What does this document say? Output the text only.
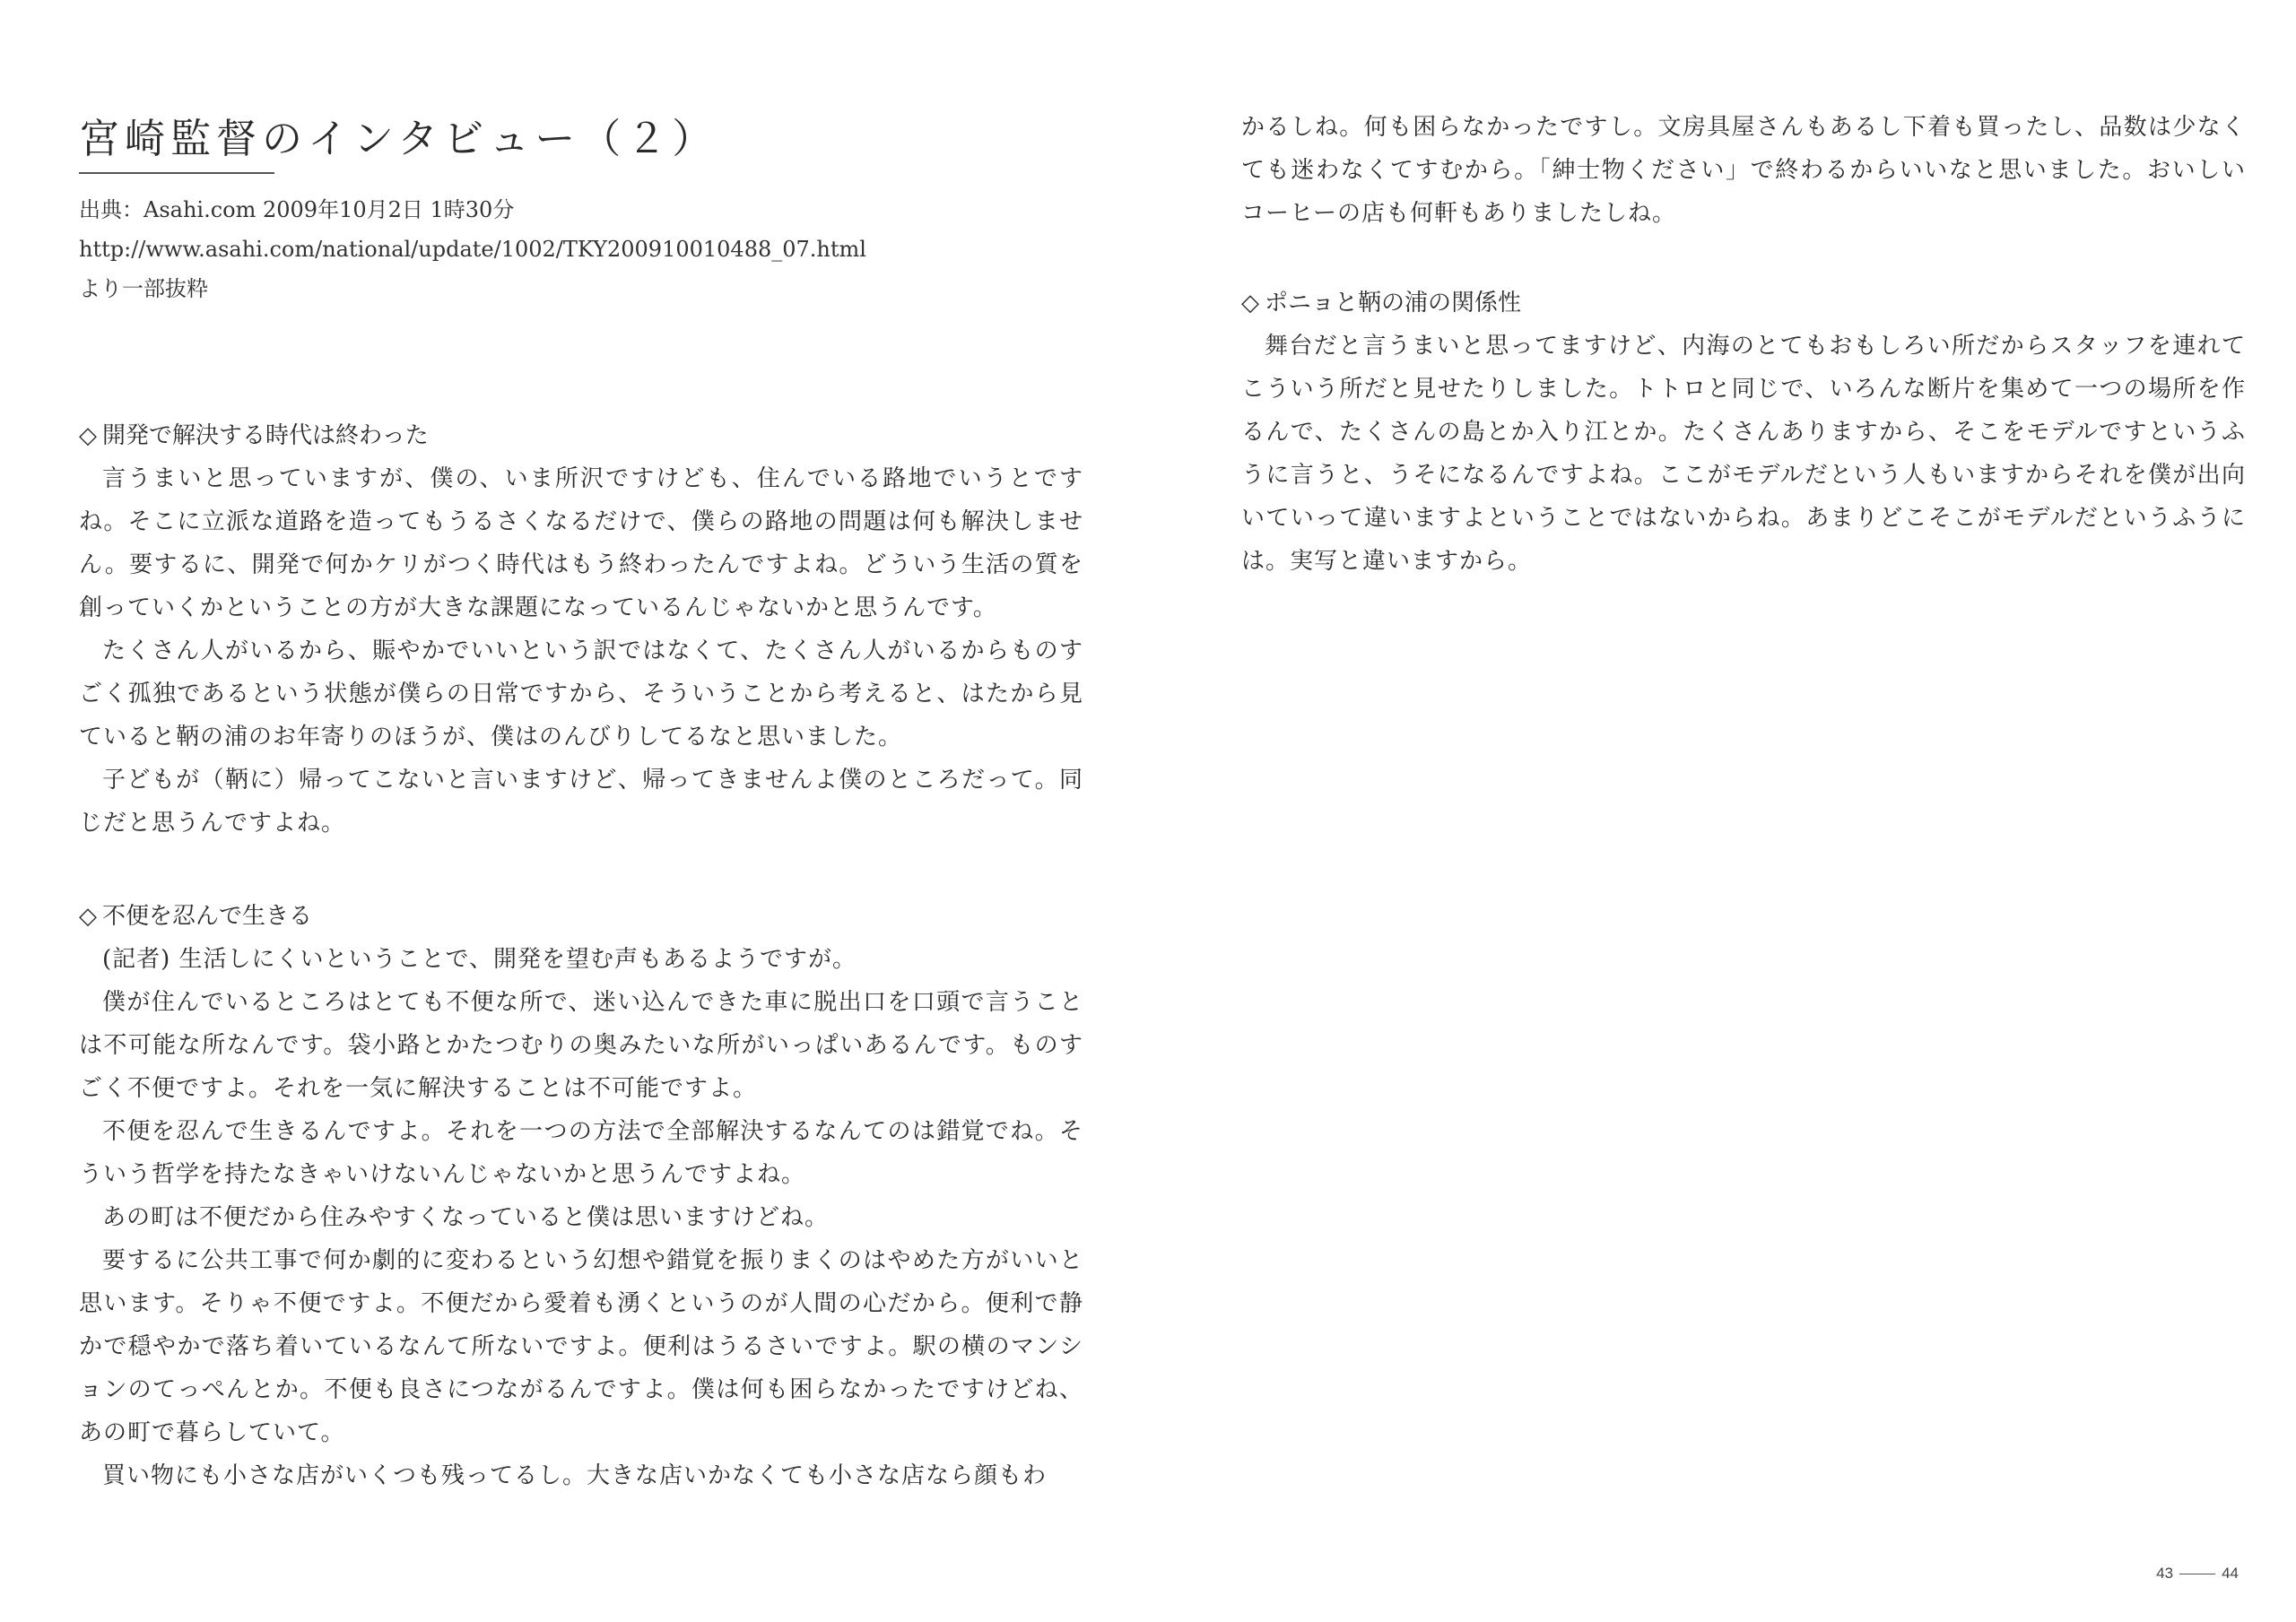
宮崎監督のインタビュー（２）
出典：Asahi.com 2009年10月2日 1時30分
http://www.asahi.com/national/update/1002/TKY200910010488_07.html
より一部抜粋
◇ 開発で解決する時代は終わった

言うまいと思っていますが、僕の、いま所沢ですけども、住んでいる路地でいうとですね。そこに立派な道路を造ってもうるさくなるだけで、僕らの路地の問題は何も解決しません。要するに、開発で何かケリがつく時代はもう終わったんですよね。どういう生活の質を創っていくかということの方が大きな課題になっているんじゃないかと思うんです。

たくさん人がいるから、賑やかでいいという訳ではなくて、たくさん人がいるからものすごく孤独であるという状態が僕らの日常ですから、そういうことから考えると、はたから見ていると鞆の浦のお年寄りのほうが、僕はのんびりしてるなと思いました。

子どもが（鞆に）帰ってこないと言いますけど、帰ってきませんよ僕のところだって。同じだと思うんですよね。

◇ 不便を忍んで生きる

(記者) 生活しにくいということで、開発を望む声もあるようですが。

僕が住んでいるところはとても不便な所で、迷い込んできた車に脱出口を口頭で言うことは不可能な所なんです。袋小路とかたつむりの奥みたいな所がいっぱいあるんです。ものすごく不便ですよ。それを一気に解決することは不可能ですよ。

不便を忍んで生きるんですよ。それを一つの方法で全部解決するなんてのは錯覚でね。そういう哲学を持たなきゃいけないんじゃないかと思うんですよね。

あの町は不便だから住みやすくなっていると僕は思いますけどね。

要するに公共工事で何か劇的に変わるという幻想や錯覚を振りまくのはやめた方がいいと思います。そりゃ不便ですよ。不便だから愛着も湧くというのが人間の心だから。便利で静かで穏やかで落ち着いているなんて所ないですよ。便利はうるさいですよ。駅の横のマンションのてっぺんとか。不便も良さにつながるんですよ。僕は何も困らなかったですけどね、あの町で暮らしていて。

買い物にも小さな店がいくつも残ってるし。大きな店いかなくても小さな店なら顔もわ

かるしね。何も困らなかったですし。文房具屋さんもあるし下着も買ったし、品数は少なくても迷わなくてすむから。「紳士物ください」で終わるからいいなと思いました。おいしいコーヒーの店も何軒もありましたしね。

◇ ポニョと鞆の浦の関係性

舞台だと言うまいと思ってますけど、内海のとてもおもしろい所だからスタッフを連れてこういう所だと見せたりしました。トトロと同じで、いろんな断片を集めて一つの場所を作るんで、たくさんの島とか入り江とか。たくさんありますから、そこをモデルですというふうに言うと、うそになるんですよね。ここがモデルだという人もいますからそれを僕が出向いていって違いますよということではないからね。あまりどこそこがモデルだというふうには。実写と違いますから。

43	44
